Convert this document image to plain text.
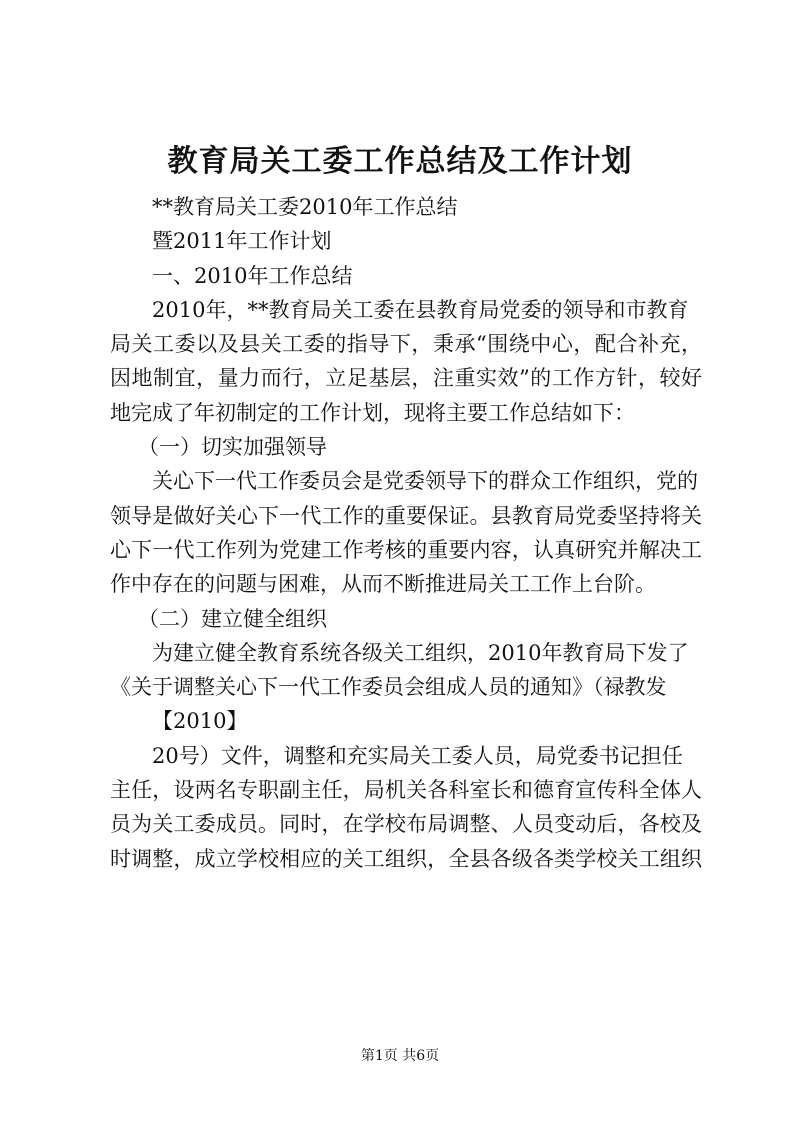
教育局关工委工作总结及工作计划
**教育局关工委2010年工作总结
暨2011年工作计划
一、2010年工作总结
2010年，**教育局关工委在县教育局党委的领导和市教育
局关工委以及县关工委的指导下，秉承“围绕中心，配合补充，
因地制宜，量力而行，立足基层，注重实效”的工作方针，较好
地完成了年初制定的工作计划，现将主要工作总结如下：
（一）切实加强领导
关心下一代工作委员会是党委领导下的群众工作组织，党的
领导是做好关心下一代工作的重要保证。县教育局党委坚持将关
心下一代工作列为党建工作考核的重要内容，认真研究并解决工
作中存在的问题与困难，从而不断推进局关工工作上台阶。
（二）建立健全组织
为建立健全教育系统各级关工组织，2010年教育局下发了
《关于调整关心下一代工作委员会组成人员的通知》（禄教发
【2010】
20号）文件，调整和充实局关工委人员，局党委书记担任
主任，设两名专职副主任，局机关各科室长和德育宣传科全体人
员为关工委成员。同时，在学校布局调整、人员变动后，各校及
时调整，成立学校相应的关工组织，全县各级各类学校关工组织
第1页 共6页
